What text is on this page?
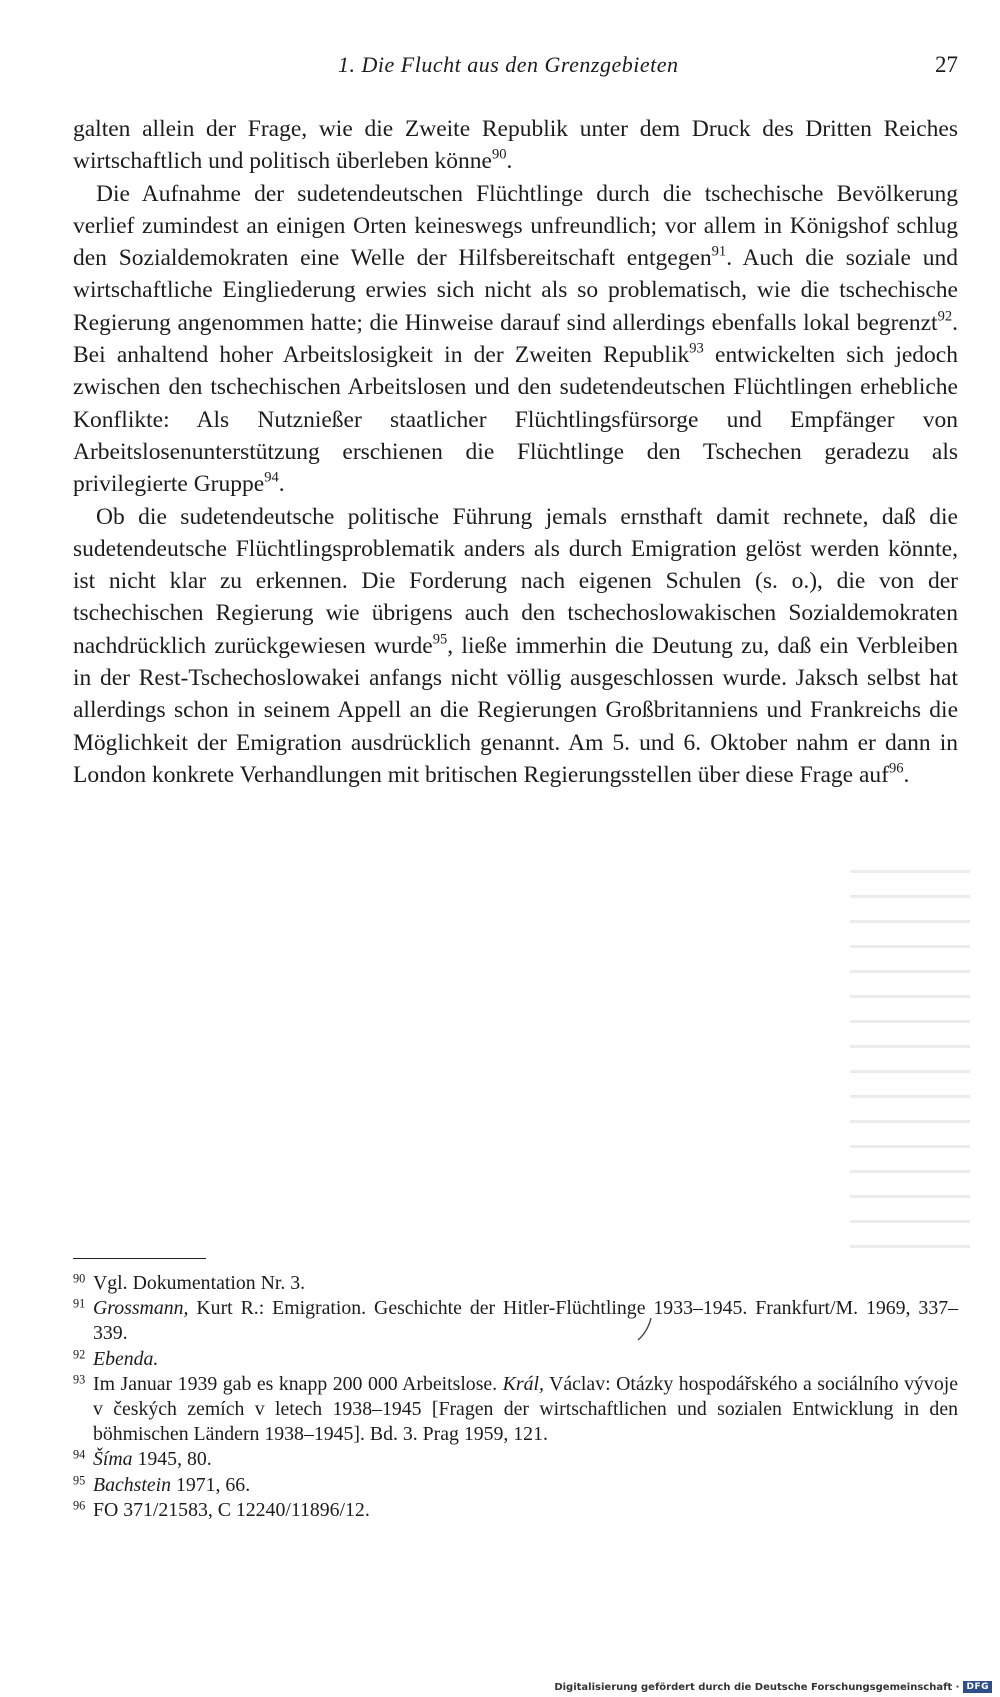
1. Die Flucht aus den Grenzgebieten	27

galten allein der Frage, wie die Zweite Republik unter dem Druck des Dritten Reiches wirtschaftlich und politisch überleben könne$^{90}$.

Die Aufnahme der sudetendeutschen Flüchtlinge durch die tschechische Bevölkerung verlief zumindest an einigen Orten keineswegs unfreundlich; vor allem in Königshof schlug den Sozialdemokraten eine Welle der Hilfsbereitschaft entgegen$^{91}$. Auch die soziale und wirtschaftliche Eingliederung erwies sich nicht als so problematisch, wie die tschechische Regierung angenommen hatte; die Hinweise darauf sind allerdings ebenfalls lokal begrenzt$^{92}$. Bei anhaltend hoher Arbeitslosigkeit in der Zweiten Republik$^{93}$ entwickelten sich jedoch zwischen den tschechischen Arbeitslosen und den sudetendeutschen Flüchtlingen erhebliche Konflikte: Als Nutznießer staatlicher Flüchtlingsfürsorge und Empfänger von Arbeitslosenunterstützung erschienen die Flüchtlinge den Tschechen geradezu als privilegierte Gruppe$^{94}$.

Ob die sudetendeutsche politische Führung jemals ernsthaft damit rechnete, daß die sudetendeutsche Flüchtlingsproblematik anders als durch Emigration gelöst werden könnte, ist nicht klar zu erkennen. Die Forderung nach eigenen Schulen (s. o.), die von der tschechischen Regierung wie übrigens auch den tschechoslowakischen Sozialdemokraten nachdrücklich zurückgewiesen wurde$^{95}$, ließe immerhin die Deutung zu, daß ein Verbleiben in der Rest-Tschechoslowakei anfangs nicht völlig ausgeschlossen wurde. Jaksch selbst hat allerdings schon in seinem Appell an die Regierungen Großbritanniens und Frankreichs die Möglichkeit der Emigration ausdrücklich genannt. Am 5. und 6. Oktober nahm er dann in London konkrete Verhandlungen mit britischen Regierungsstellen über diese Frage auf$^{96}$.

$^{90}$ Vgl. Dokumentation Nr. 3.
$^{91}$ Grossmann, Kurt R.: Emigration. Geschichte der Hitler-Flüchtlinge 1933–1945. Frankfurt/M. 1969, 337–339.
$^{92}$ Ebenda.
$^{93}$ Im Januar 1939 gab es knapp 200 000 Arbeitslose. Král, Václav: Otázky hospodářského a sociálního vývoje v českých zemích v letech 1938–1945 [Fragen der wirtschaftlichen und sozialen Entwicklung in den böhmischen Ländern 1938–1945]. Bd. 3. Prag 1959, 121.
$^{94}$ Šíma 1945, 80.
$^{95}$ Bachstein 1971, 66.
$^{96}$ FO 371/21583, C 12240/11896/12.
Digitalisierung gefördert durch die Deutsche Forschungsgemeinschaft · DFG
